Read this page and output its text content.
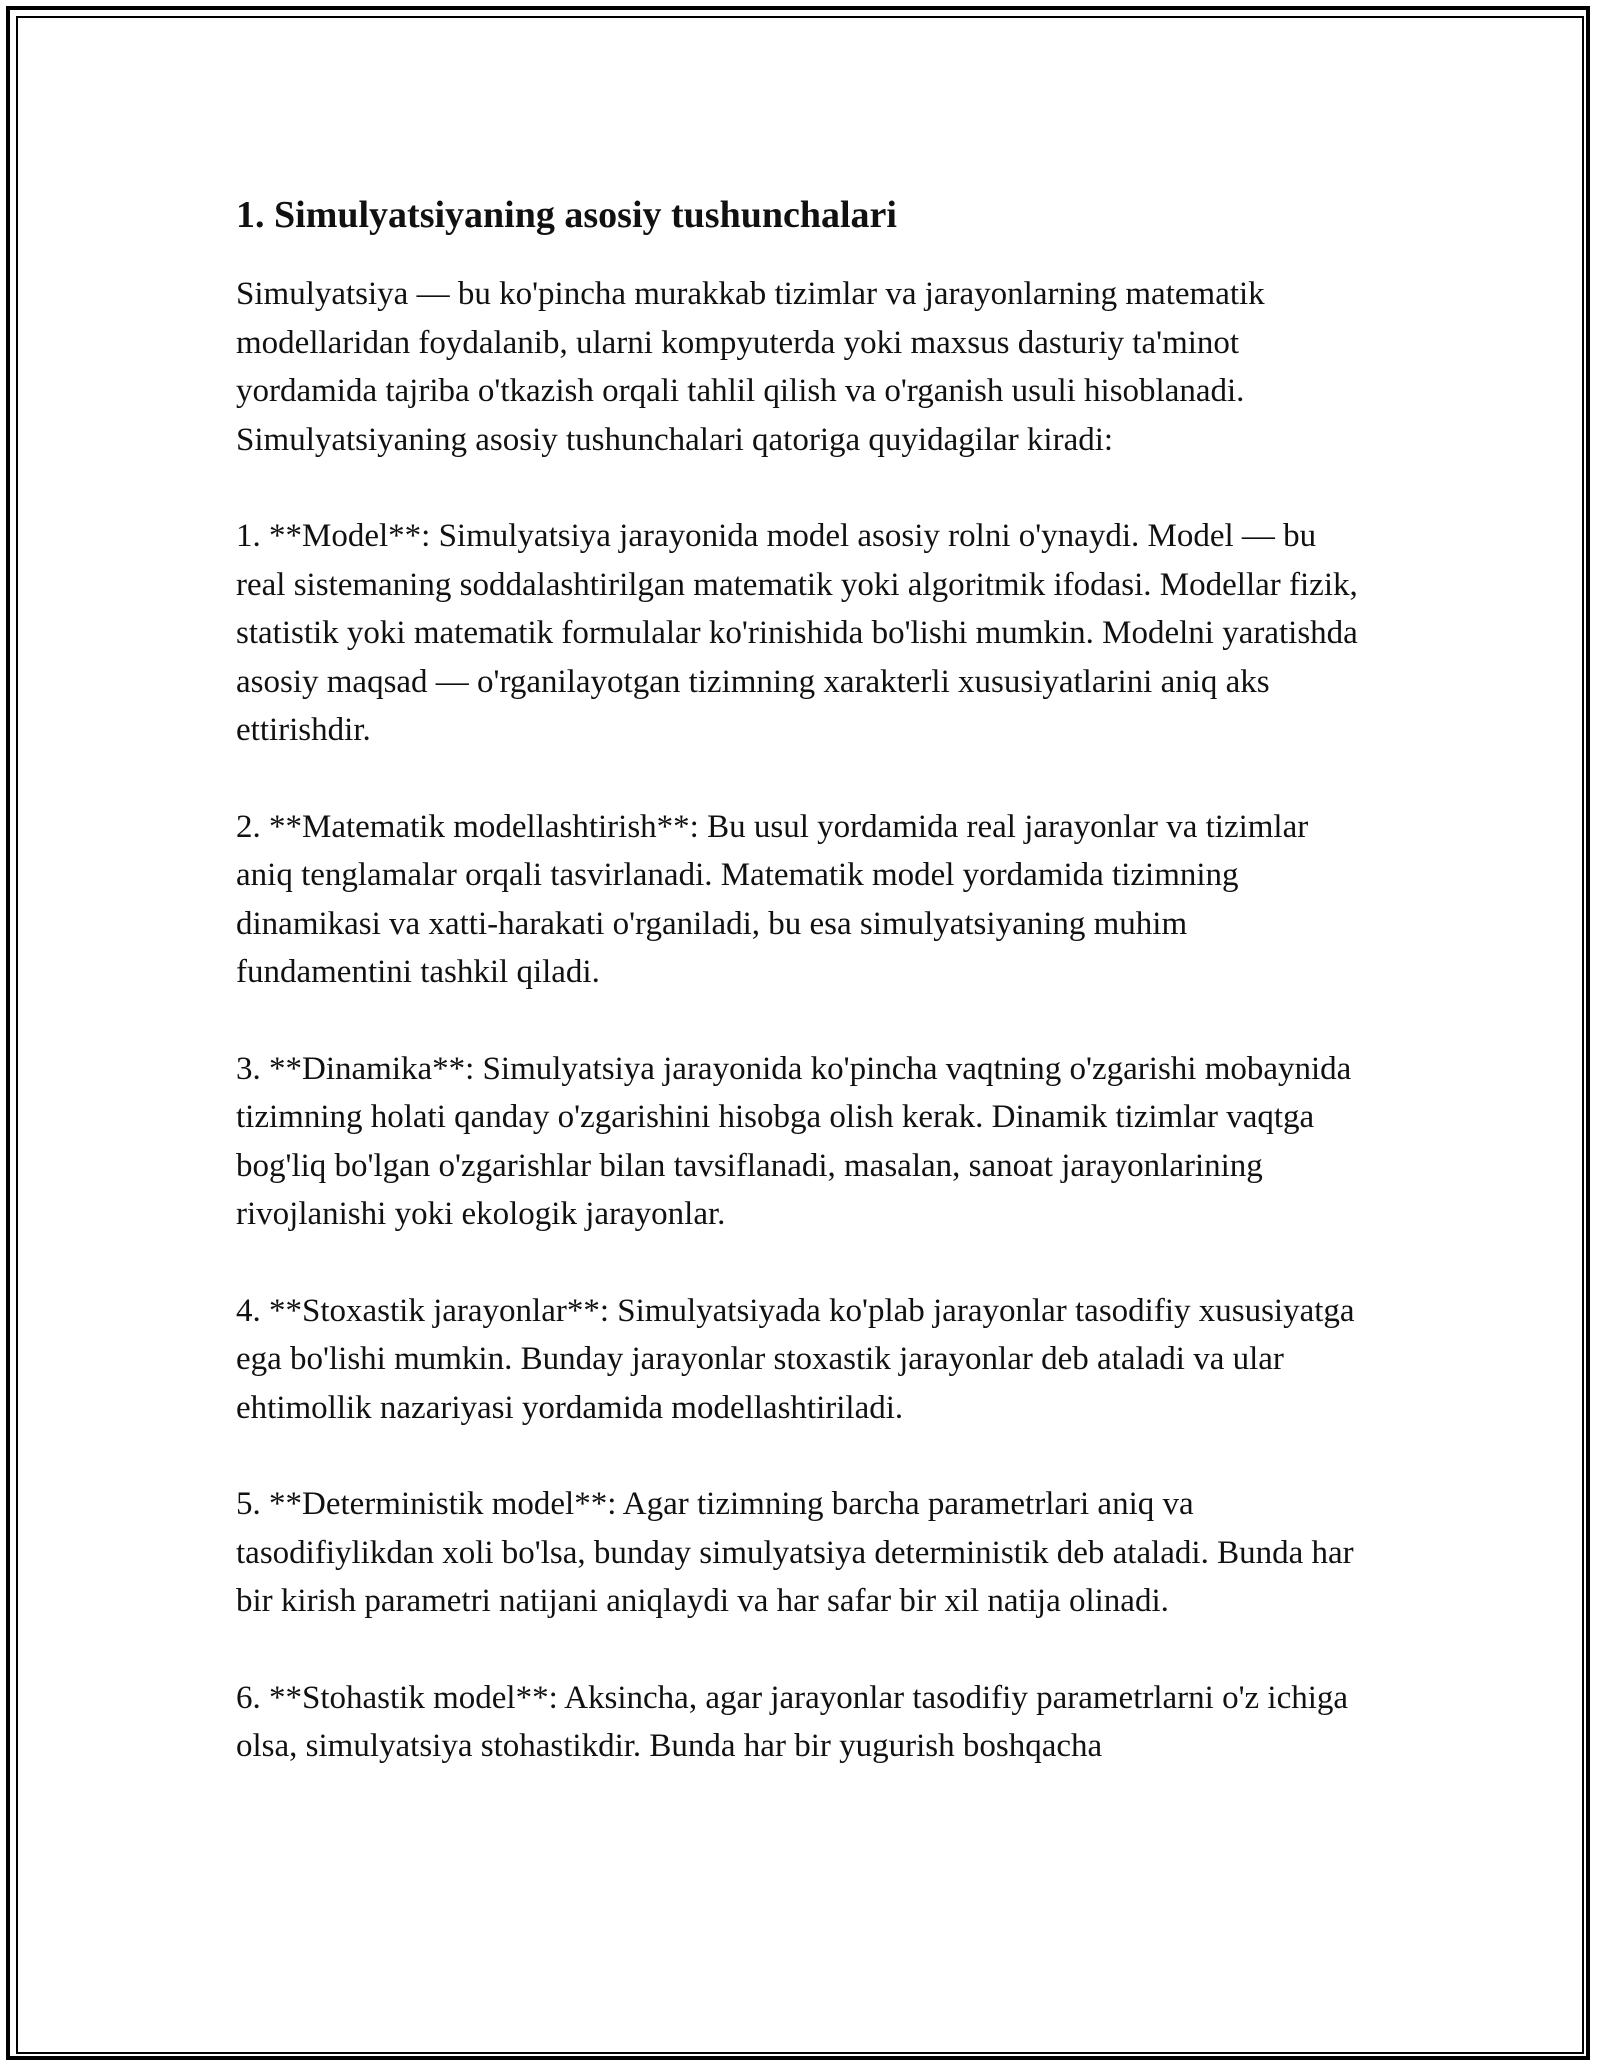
1. Simulyatsiyaning asosiy tushunchalari

Simulyatsiya — bu ko'pincha murakkab tizimlar va jarayonlarning matematik modellaridan foydalanib, ularni kompyuterda yoki maxsus dasturiy ta'minot yordamida tajriba o'tkazish orqali tahlil qilish va o'rganish usuli hisoblanadi. Simulyatsiyaning asosiy tushunchalari qatoriga quyidagilar kiradi:

1. **Model**: Simulyatsiya jarayonida model asosiy rolni o'ynaydi. Model — bu real sistemaning soddalashtirilgan matematik yoki algoritmik ifodasi. Modellar fizik, statistik yoki matematik formulalar ko'rinishida bo'lishi mumkin. Modelni yaratishda asosiy maqsad — o'rganilayotgan tizimning xarakterli xususiyatlarini aniq aks ettirishdir.

2. **Matematik modellashtirish**: Bu usul yordamida real jarayonlar va tizimlar aniq tenglamalar orqali tasvirlanadi. Matematik model yordamida tizimning dinamikasi va xatti-harakati o'rganiladi, bu esa simulyatsiyaning muhim fundamentini tashkil qiladi.

3. **Dinamika**: Simulyatsiya jarayonida ko'pincha vaqtning o'zgarishi mobaynida tizimning holati qanday o'zgarishini hisobga olish kerak. Dinamik tizimlar vaqtga bog'liq bo'lgan o'zgarishlar bilan tavsiflanadi, masalan, sanoat jarayonlarining rivojlanishi yoki ekologik jarayonlar.

4. **Stoxastik jarayonlar**: Simulyatsiyada ko'plab jarayonlar tasodifiy xususiyatga ega bo'lishi mumkin. Bunday jarayonlar stoxastik jarayonlar deb ataladi va ular ehtimollik nazariyasi yordamida modellashtiriladi.

5. **Deterministik model**: Agar tizimning barcha parametrlari aniq va tasodifiylikdan xoli bo'lsa, bunday simulyatsiya deterministik deb ataladi. Bunda har bir kirish parametri natijani aniqlaydi va har safar bir xil natija olinadi.

6. **Stohastik model**: Aksincha, agar jarayonlar tasodifiy parametrlarni o'z ichiga olsa, simulyatsiya stohastikdir. Bunda har bir yugurish boshqacha
